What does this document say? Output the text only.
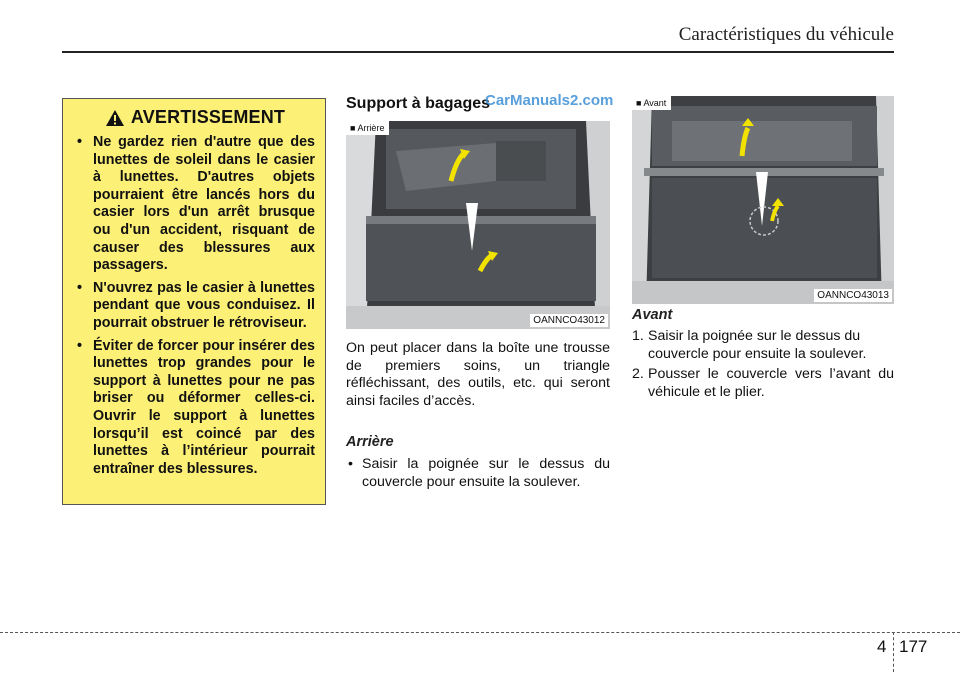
Caractéristiques du véhicule
AVERTISSEMENT
• Ne gardez rien d'autre que des lunettes de soleil dans le casier à lunettes. D'autres objets pourraient être lancés hors du casier lors d'un arrêt brusque ou d'un accident, risquant de causer des blessures aux passagers.
• N'ouvrez pas le casier à lunettes pendant que vous conduisez. Il pourrait obstruer le rétroviseur.
• Éviter de forcer pour insérer des lunettes trop grandes pour le support à lunettes pour ne pas briser ou déformer celles-ci. Ouvrir le support à lunettes lorsqu’il est coincé par des lunettes à l’intérieur pourrait entraîner des blessures.
Support à bagages
CarManuals2.com
■ Arrière
OANNCO43012
On peut placer dans la boîte une trousse de premiers soins, un triangle réfléchissant, des outils, etc. qui seront ainsi faciles d’accès.
Arrière
• Saisir la poignée sur le dessus du couvercle pour ensuite la soulever.
■ Avant
OANNCO43013
Avant
1. Saisir la poignée sur le dessus du couvercle pour ensuite la soulever.
2. Pousser le couvercle vers l’avant du véhicule et le plier.
4 177
